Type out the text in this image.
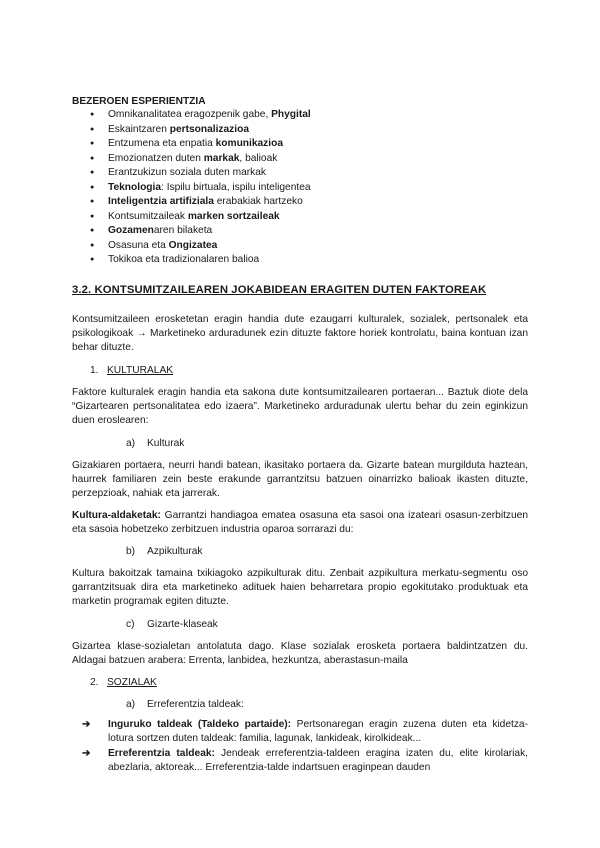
BEZEROEN ESPERIENTZIA
● Omnikanalitatea eragozpenik gabe, Phygital
● Eskaintzaren pertsonalizazioa
● Entzumena eta enpatia komunikazioa
● Emozionatzen duten markak, balioak
● Erantzukizun soziala duten markak
● Teknologia: Ispilu birtuala, ispilu inteligentea
● Inteligentzia artifiziala erabakiak hartzeko
● Kontsumitzaileak marken sortzaileak
● Gozamenaren bilaketa
● Osasuna eta Ongizatea
● Tokikoa eta tradizionalaren balioa
3.2. KONTSUMITZAILEAREN JOKABIDEAN ERAGITEN DUTEN FAKTOREAK

Kontsumitzaileen erosketetan eragin handia dute ezaugarri kulturalek, sozialek, pertsonalek eta psikologikoak → Marketineko arduradunek ezin dituzte faktore horiek kontrolatu, baina kontuan izan behar dituzte.

1. KULTURALAK

Faktore kulturalek eragin handia eta sakona dute kontsumitzailearen portaeran... Baztuk diote dela “Gizartearen pertsonalitatea edo izaera”. Marketineko arduradunak ulertu behar du zein eginkizun duen eroslearen:

a) Kulturak

Gizakiaren portaera, neurri handi batean, ikasitako portaera da. Gizarte batean murgilduta haztean, haurrek familiaren zein beste erakunde garrantzitsu batzuen oinarrizko balioak ikasten dituzte, perzepzioak, nahiak eta jarrerak.

Kultura-aldaketak: Garrantzi handiagoa ematea osasuna eta sasoi ona izateari osasun-zerbitzuen eta sasoia hobetzeko zerbitzuen industria oparoa sorrarazi du:

b) Azpikulturak

Kultura bakoitzak tamaina txikiagoko azpikulturak ditu. Zenbait azpikultura merkatu-segmentu oso garrantzitsuak dira eta marketineko adituek haien beharretara propio egokitutako produktuak eta marketin programak egiten dituzte.

c) Gizarte-klaseak

Gizartea klase-sozialetan antolatuta dago. Klase sozialak erosketa portaera baldintzatzen du. Aldagai batzuen arabera: Errenta, lanbidea, hezkuntza, aberastasun-maila

2. SOZIALAK
a) Erreferentzia taldeak:
➔ Inguruko taldeak (Taldeko partaide): Pertsonaregan eragin zuzena duten eta kidetza-lotura sortzen duten taldeak: familia, lagunak, lankideak, kirolkideak...

➔ Erreferentzia taldeak: Jendeak erreferentzia-taldeen eragina izaten du, elite kirolariak, abezlaria, aktoreak... Erreferentzia-talde indartsuen eraginpean dauden
